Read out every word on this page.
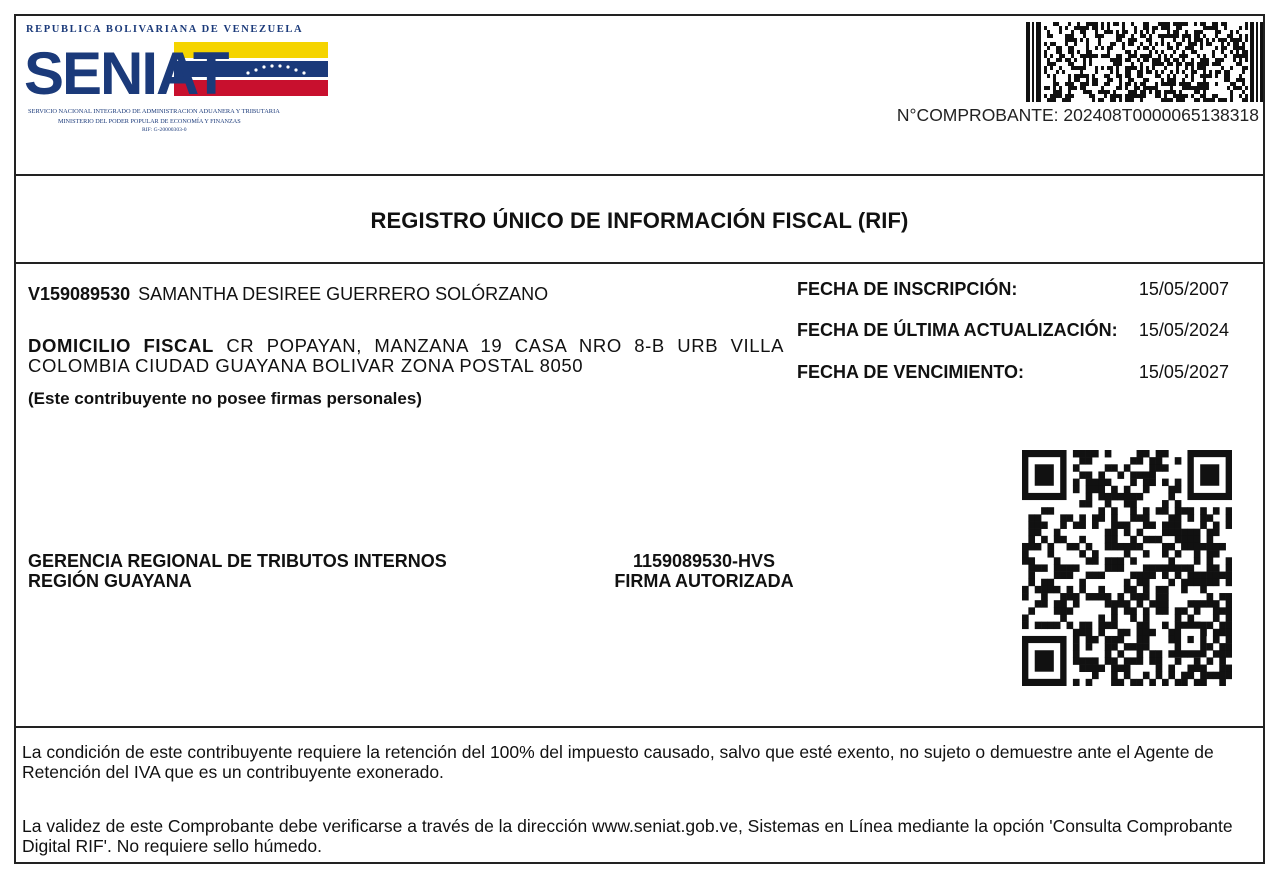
REPUBLICA BOLIVARIANA DE VENEZUELA
SENIAT
SERVICIO NACIONAL INTEGRADO DE ADMINISTRACION ADUANERA Y TRIBUTARIA
MINISTERIO DEL PODER POPULAR DE ECONOMÍA Y FINANZAS
RIF: G-20000303-0
N°COMPROBANTE: 202408T0000065138318
REGISTRO ÚNICO DE INFORMACIÓN FISCAL (RIF)
V159089530 SAMANTHA DESIREE GUERRERO SOLÓRZANO
DOMICILIO FISCAL CR POPAYAN, MANZANA 19 CASA NRO 8-B URB VILLA COLOMBIA CIUDAD GUAYANA BOLIVAR ZONA POSTAL 8050
(Este contribuyente no posee firmas personales)
FECHA DE INSCRIPCIÓN:	15/05/2007
FECHA DE ÚLTIMA ACTUALIZACIÓN: 15/05/2024
FECHA DE VENCIMIENTO:	15/05/2027
GERENCIA REGIONAL DE TRIBUTOS INTERNOS
REGIÓN GUAYANA
1159089530-HVS
FIRMA AUTORIZADA
La condición de este contribuyente requiere la retención del 100% del impuesto causado, salvo que esté exento, no sujeto o demuestre ante el Agente de Retención del IVA que es un contribuyente exonerado.
La validez de este Comprobante debe verificarse a través de la dirección www.seniat.gob.ve, Sistemas en Línea mediante la opción 'Consulta Comprobante Digital RIF'. No requiere sello húmedo.
